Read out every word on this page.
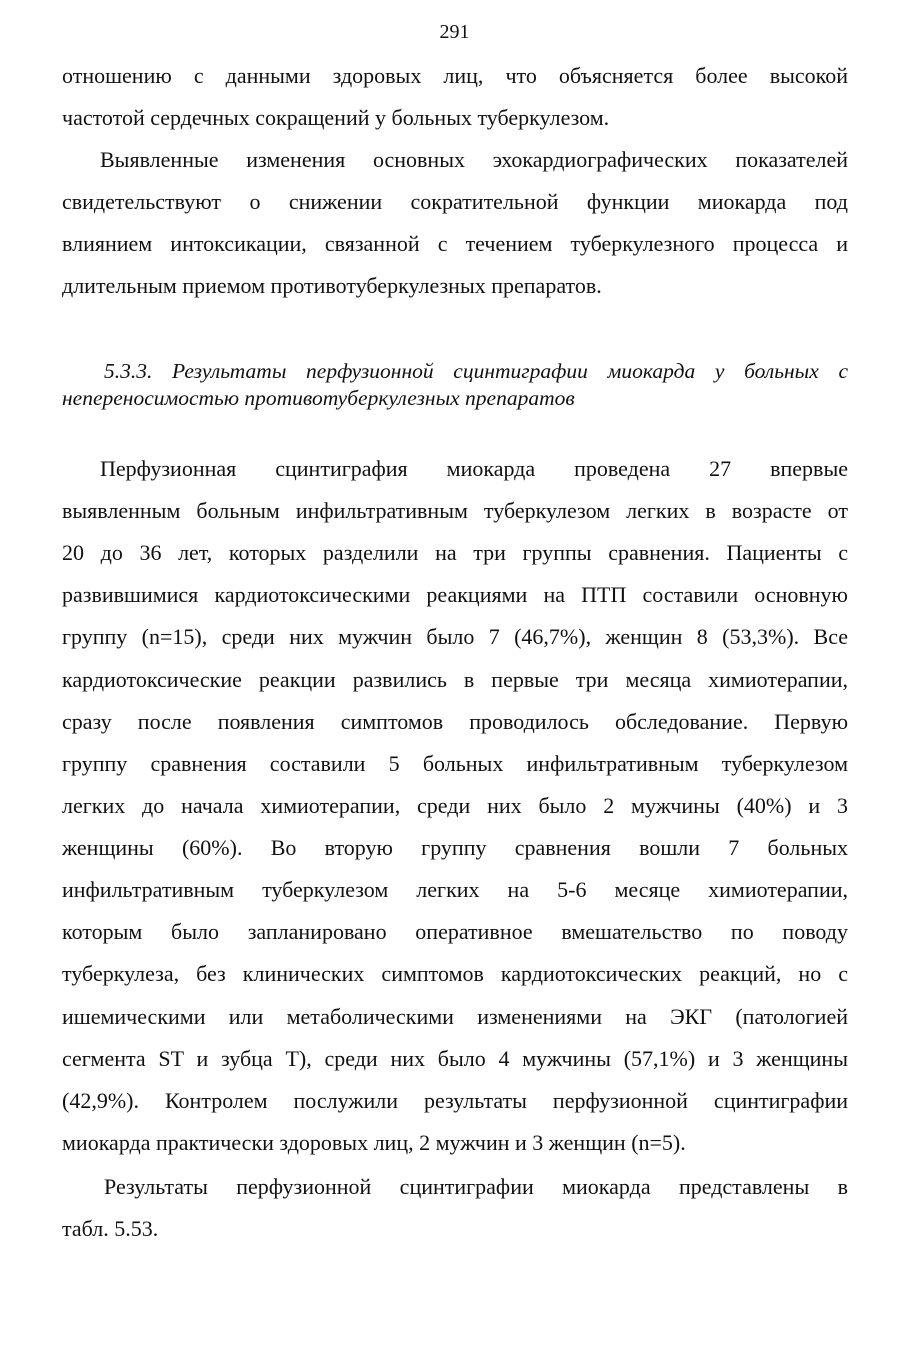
291
отношению с данными здоровых лиц, что объясняется более высокой
частотой сердечных сокращений у больных туберкулезом.
Выявленные изменения основных эхокардиографических показателей
свидетельствуют о снижении сократительной функции миокарда под
влиянием интоксикации, связанной с течением туберкулезного процесса и
длительным приемом противотуберкулезных препаратов.
5.3.3. Результаты перфузионной сцинтиграфии миокарда у больных с
непереносимостью противотуберкулезных препаратов
Перфузионная сцинтиграфия миокарда проведена 27 впервые
выявленным больным инфильтративным туберкулезом легких в возрасте от
20 до 36 лет, которых разделили на три группы сравнения. Пациенты с
развившимися кардиотоксическими реакциями на ПТП составили основную
группу (n=15), среди них мужчин было 7 (46,7%), женщин 8 (53,3%). Все
кардиотоксические реакции развились в первые три месяца химиотерапии,
сразу после появления симптомов проводилось обследование. Первую
группу сравнения составили 5 больных инфильтративным туберкулезом
легких до начала химиотерапии, среди них было 2 мужчины (40%) и 3
женщины (60%). Во вторую группу сравнения вошли 7 больных
инфильтративным туберкулезом легких на 5-6 месяце химиотерапии,
которым было запланировано оперативное вмешательство по поводу
туберкулеза, без клинических симптомов кардиотоксических реакций, но с
ишемическими или метаболическими изменениями на ЭКГ (патологией
сегмента ST и зубца T), среди них было 4 мужчины (57,1%) и 3 женщины
(42,9%). Контролем послужили результаты перфузионной сцинтиграфии
миокарда практически здоровых лиц, 2 мужчин и 3 женщин (n=5).
Результаты перфузионной сцинтиграфии миокарда представлены в
табл. 5.53.
